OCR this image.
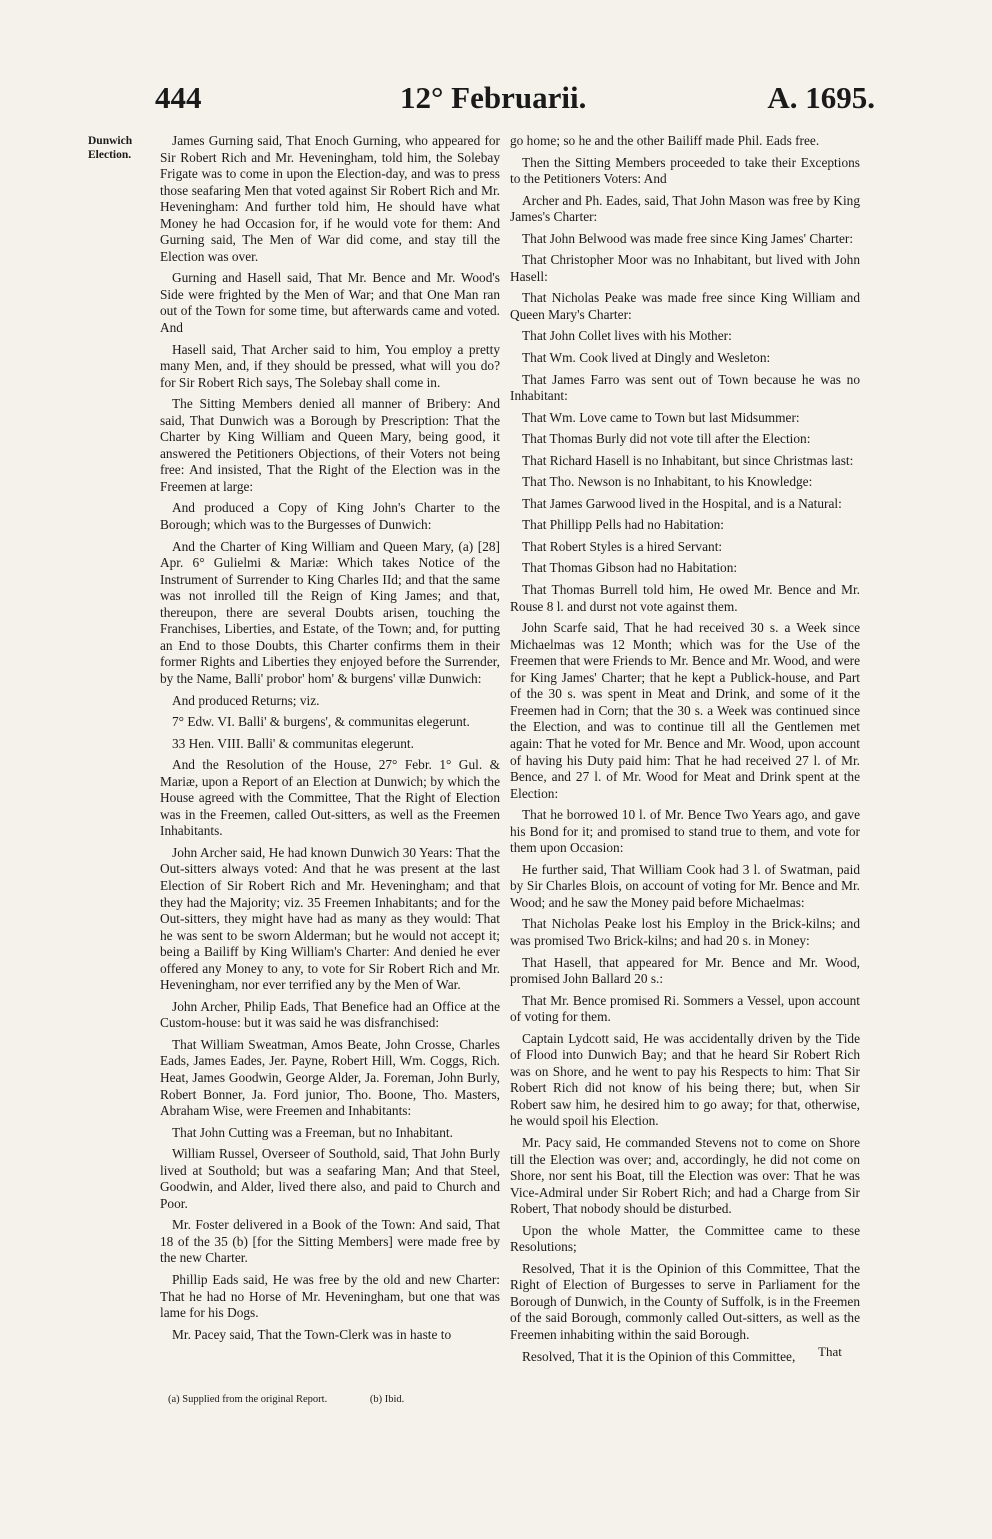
444	12° Februarii.	A. 1695.
Dunwich Election.

James Gurning said, That Enoch Gurning, who appeared for Sir Robert Rich and Mr. Heveningham, told him, the Solebay Frigate was to come in upon the Election-day, and was to press those seafaring Men that voted against Sir Robert Rich and Mr. Heveningham: And further told him, He should have what Money he had Occasion for, if he would vote for them: And Gurning said, The Men of War did come, and stay till the Election was over.

Gurning and Hasell said, That Mr. Bence and Mr. Wood's Side were frighted by the Men of War; and that One Man ran out of the Town for some time, but afterwards came and voted. And

Hasell said, That Archer said to him, You employ a pretty many Men, and, if they should be pressed, what will you do? for Sir Robert Rich says, The Solebay shall come in.

The Sitting Members denied all manner of Bribery: And said, That Dunwich was a Borough by Prescription: That the Charter by King William and Queen Mary, being good, it answered the Petitioners Objections, of their Voters not being free: And insisted, That the Right of the Election was in the Freemen at large:

And produced a Copy of King John's Charter to the Borough; which was to the Burgesses of Dunwich:

And the Charter of King William and Queen Mary, (a) [28] Apr. 6° Gulielmi & Mariæ: Which takes Notice of the Instrument of Surrender to King Charles IId; and that the same was not inrolled till the Reign of King James; and that, thereupon, there are several Doubts arisen, touching the Franchises, Liberties, and Estate, of the Town; and, for putting an End to those Doubts, this Charter confirms them in their former Rights and Liberties they enjoyed before the Surrender, by the Name, Balli' probor' hom' & burgens' villæ Dunwich:

And produced Returns; viz.

7° Edw. VI. Balli' & burgens', & communitas elegerunt.

33 Hen. VIII. Balli' & communitas elegerunt.

And the Resolution of the House, 27° Febr. 1° Gul. & Mariæ, upon a Report of an Election at Dunwich; by which the House agreed with the Committee, That the Right of Election was in the Freemen, called Out-sitters, as well as the Freemen Inhabitants.

John Archer said, He had known Dunwich 30 Years: That the Out-sitters always voted: And that he was present at the last Election of Sir Robert Rich and Mr. Heveningham; and that they had the Majority; viz. 35 Freemen Inhabitants; and for the Out-sitters, they might have had as many as they would: That he was sent to be sworn Alderman; but he would not accept it; being a Bailiff by King William's Charter: And denied he ever offered any Money to any, to vote for Sir Robert Rich and Mr. Heveningham, nor ever terrified any by the Men of War.

John Archer, Philip Eads, That Benefice had an Office at the Custom-house: but it was said he was disfranchised:

That William Sweatman, Amos Beate, John Crosse, Charles Eads, James Eades, Jer. Payne, Robert Hill, Wm. Coggs, Rich. Heat, James Goodwin, George Alder, Ja. Foreman, John Burly, Robert Bonner, Ja. Ford junior, Tho. Boone, Tho. Masters, Abraham Wise, were Freemen and Inhabitants:

That John Cutting was a Freeman, but no Inhabitant.

William Russel, Overseer of Southold, said, That John Burly lived at Southold; but was a seafaring Man; And that Steel, Goodwin, and Alder, lived there also, and paid to Church and Poor.

Mr. Foster delivered in a Book of the Town: And said, That 18 of the 35 (b) [for the Sitting Members] were made free by the new Charter.

Phillip Eads said, He was free by the old and new Charter: That he had no Horse of Mr. Heveningham, but one that was lame for his Dogs.

Mr. Pacey said, That the Town-Clerk was in haste to

go home; so he and the other Bailiff made Phil. Eads free.

Then the Sitting Members proceeded to take their Exceptions to the Petitioners Voters: And

Archer and Ph. Eades, said, That John Mason was free by King James's Charter:

That John Belwood was made free since King James' Charter:

That Christopher Moor was no Inhabitant, but lived with John Hasell:

That Nicholas Peake was made free since King William and Queen Mary's Charter:

That John Collet lives with his Mother:

That Wm. Cook lived at Dingly and Wesleton:

That James Farro was sent out of Town because he was no Inhabitant:

That Wm. Love came to Town but last Midsummer:

That Thomas Burly did not vote till after the Election:

That Richard Hasell is no Inhabitant, but since Christmas last:

That Tho. Newson is no Inhabitant, to his Knowledge:

That James Garwood lived in the Hospital, and is a Natural:

That Phillipp Pells had no Habitation:

That Robert Styles is a hired Servant:

That Thomas Gibson had no Habitation:

That Thomas Burrell told him, He owed Mr. Bence and Mr. Rouse 8 l. and durst not vote against them.

John Scarfe said, That he had received 30 s. a Week since Michaelmas was 12 Month; which was for the Use of the Freemen that were Friends to Mr. Bence and Mr. Wood, and were for King James' Charter; that he kept a Publick-house, and Part of the 30 s. was spent in Meat and Drink, and some of it the Freemen had in Corn; that the 30 s. a Week was continued since the Election, and was to continue till all the Gentlemen met again: That he voted for Mr. Bence and Mr. Wood, upon account of having his Duty paid him: That he had received 27 l. of Mr. Bence, and 27 l. of Mr. Wood for Meat and Drink spent at the Election:

That he borrowed 10 l. of Mr. Bence Two Years ago, and gave his Bond for it; and promised to stand true to them, and vote for them upon Occasion:

He further said, That William Cook had 3 l. of Swatman, paid by Sir Charles Blois, on account of voting for Mr. Bence and Mr. Wood; and he saw the Money paid before Michaelmas:

That Nicholas Peake lost his Employ in the Brick-kilns; and was promised Two Brick-kilns; and had 20 s. in Money:

That Hasell, that appeared for Mr. Bence and Mr. Wood, promised John Ballard 20 s.:

That Mr. Bence promised Ri. Sommers a Vessel, upon account of voting for them.

Captain Lydcott said, He was accidentally driven by the Tide of Flood into Dunwich Bay; and that he heard Sir Robert Rich was on Shore, and he went to pay his Respects to him: That Sir Robert Rich did not know of his being there; but, when Sir Robert saw him, he desired him to go away; for that, otherwise, he would spoil his Election.

Mr. Pacy said, He commanded Stevens not to come on Shore till the Election was over; and, accordingly, he did not come on Shore, nor sent his Boat, till the Election was over: That he was Vice-Admiral under Sir Robert Rich; and had a Charge from Sir Robert, That nobody should be disturbed.

Upon the whole Matter, the Committee came to these Resolutions;

Resolved, That it is the Opinion of this Committee, That the Right of Election of Burgesses to serve in Parliament for the Borough of Dunwich, in the County of Suffolk, is in the Freemen of the said Borough, commonly called Out-sitters, as well as the Freemen inhabiting within the said Borough.

Resolved, That it is the Opinion of this Committee,	That
(a) Supplied from the original Report.	(b) Ibid.
